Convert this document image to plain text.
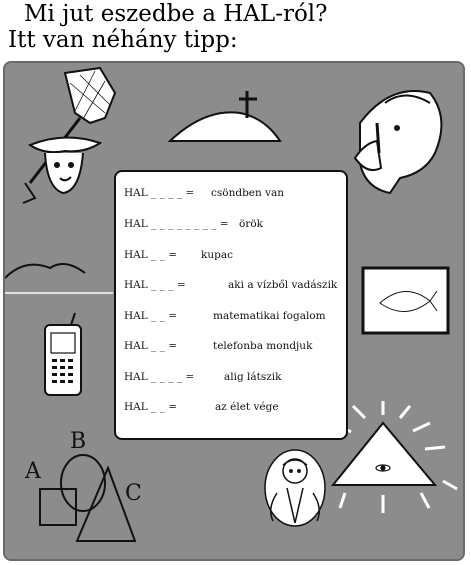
Mi jut eszedbe a HAL-ról?
Itt van néhány tipp:
A
B
C
HAL _ _ _ _ = csöndben van
HAL _ _ _ _ _ _ _ _ = örök
HAL _ _ = kupac
HAL _ _ _ =	aki a vízből vadászik
HAL _ _ =	matematikai fogalom
HAL _ _ =	telefonba mondjuk
HAL _ _ _ _ =	alig látszik
HAL _ _ =	az élet vége
